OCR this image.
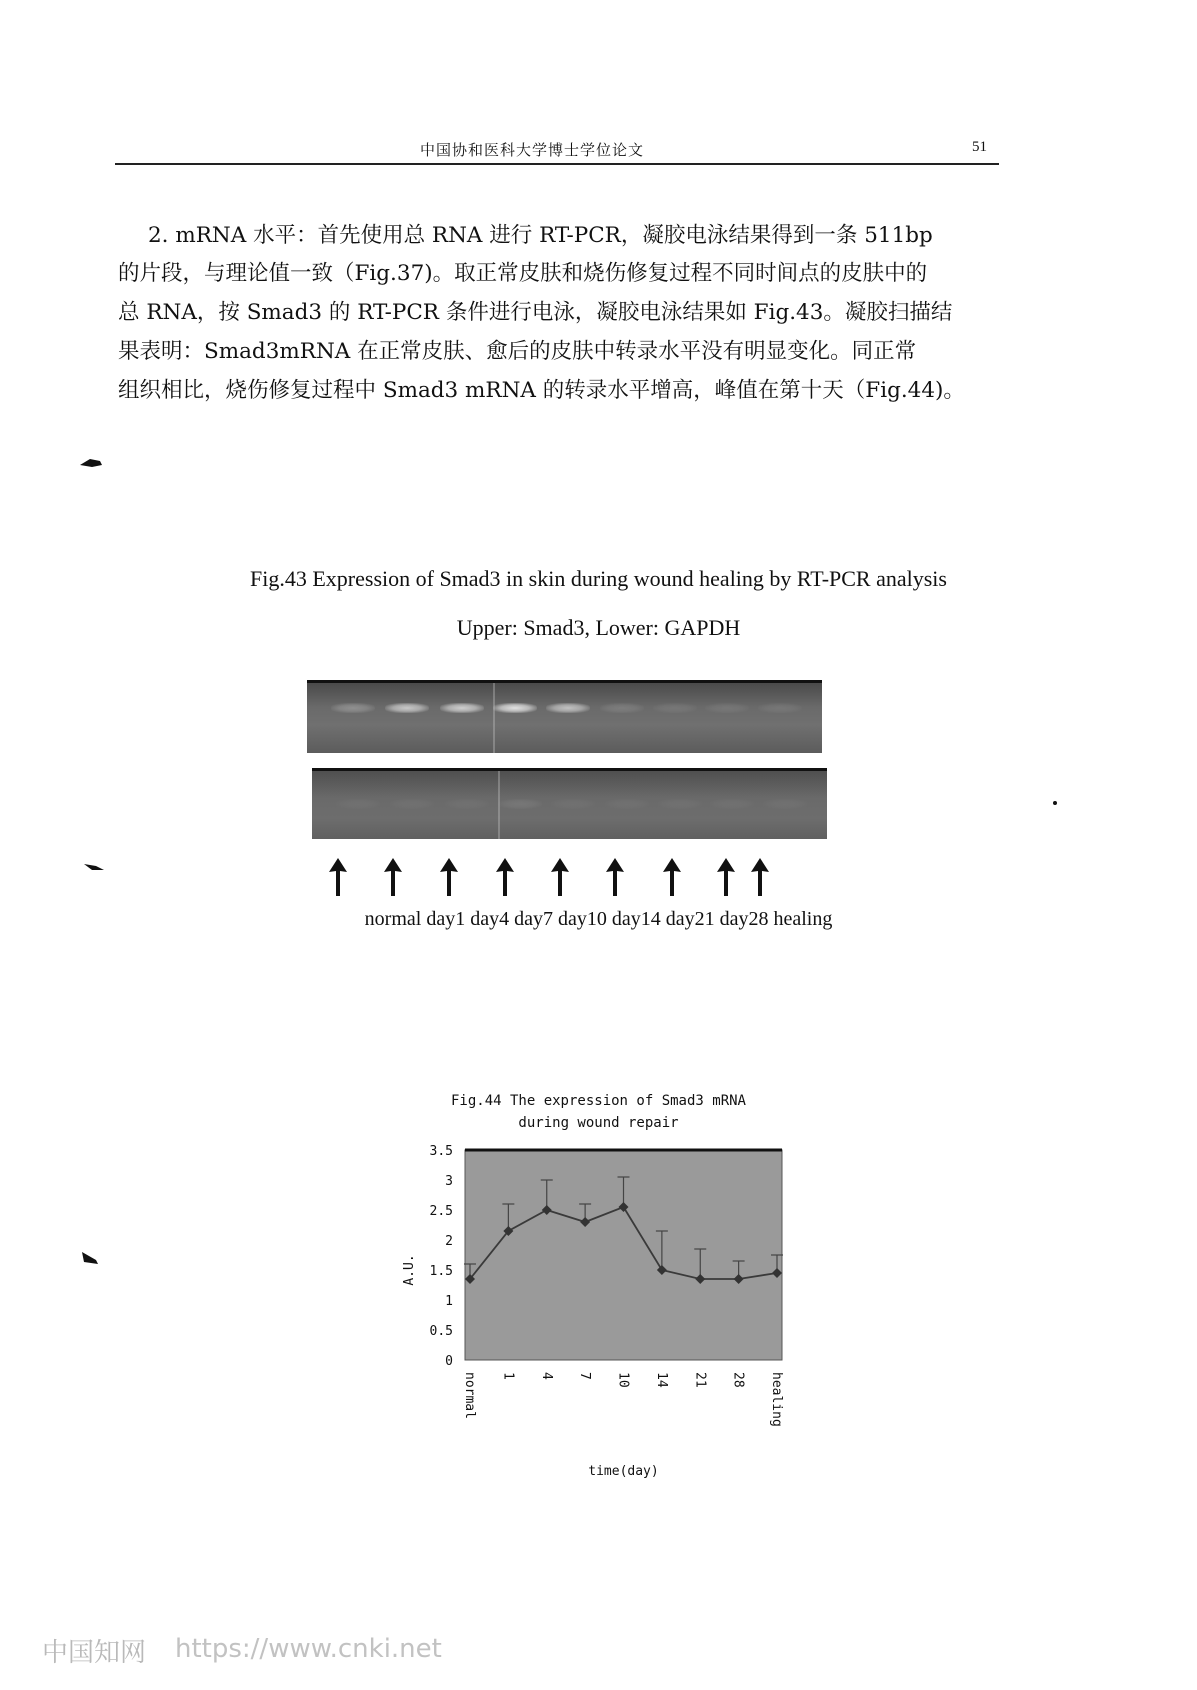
中国协和医科大学博士学位论文	51
2. mRNA 水平：首先使用总 RNA 进行 RT-PCR，凝胶电泳结果得到一条 511bp
的片段，与理论值一致（Fig.37)。取正常皮肤和烧伤修复过程不同时间点的皮肤中的
总 RNA，按 Smad3 的 RT-PCR 条件进行电泳，凝胶电泳结果如 Fig.43。凝胶扫描结
果表明：Smad3mRNA 在正常皮肤、愈后的皮肤中转录水平没有明显变化。同正常
组织相比，烧伤修复过程中 Smad3 mRNA 的转录水平增高，峰值在第十天（Fig.44)。
Fig.43 Expression of Smad3 in skin during wound healing by RT-PCR analysis
Upper: Smad3, Lower: GAPDH
normal day1 day4 day7 day10 day14 day21 day28 healing
Fig.44 The expression of Smad3 mRNA
during wound repair
0
0.5
1
1.5
2
2.5
3
3.5
A.U.
normal 1 4 7 10 14 21 28 healing
time(day)
中国知网 https://www.cnki.net
